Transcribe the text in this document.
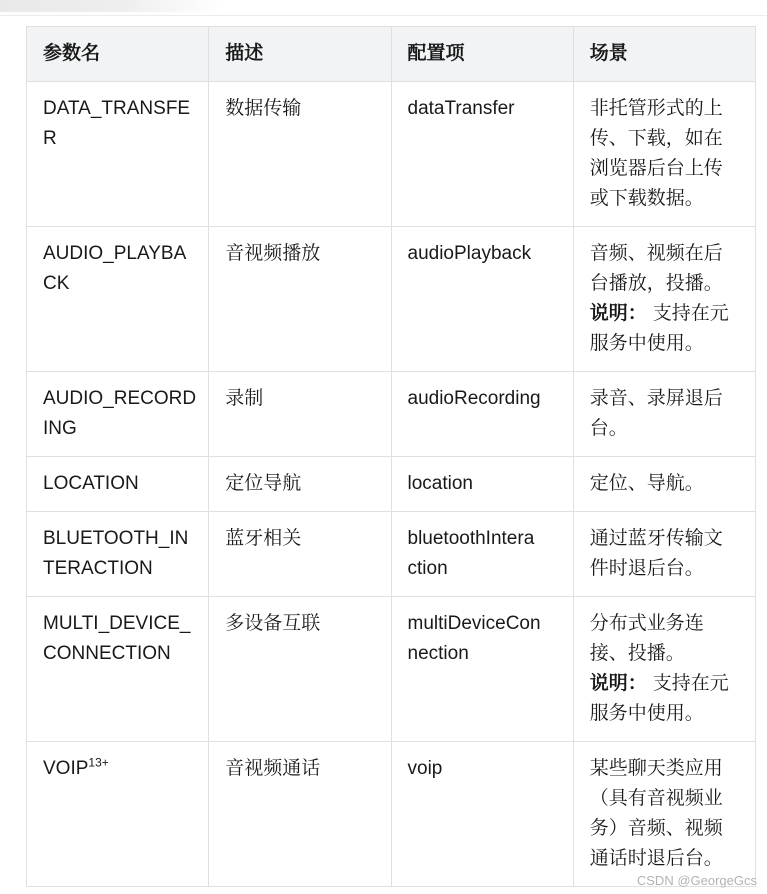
参数名	描述	配置项	场景
DATA_TRANSFER	数据传输	dataTransfer	非托管形式的上传、下载，如在浏览器后台上传或下载数据。

AUDIO_PLAYBACK	音视频播放	audioPlayback	音频、视频在后台播放，投播。
说明： 支持在元服务中使用。

AUDIO_RECORDING	录制	audioRecording	录音、录屏退后台。

LOCATION	定位导航	location	定位、导航。

BLUETOOTH_INTERACTION	蓝牙相关	bluetoothInteraction	通过蓝牙传输文件时退后台。

MULTI_DEVICE_CONNECTION	多设备互联	multiDeviceConnection	分布式业务连接、投播。
说明： 支持在元服务中使用。

$VOIP^{13+}$	音视频通话	voip	某些聊天类应用（具有音视频业务）音频、视频通话时退后台。
CSDN @GeorgeGcs
